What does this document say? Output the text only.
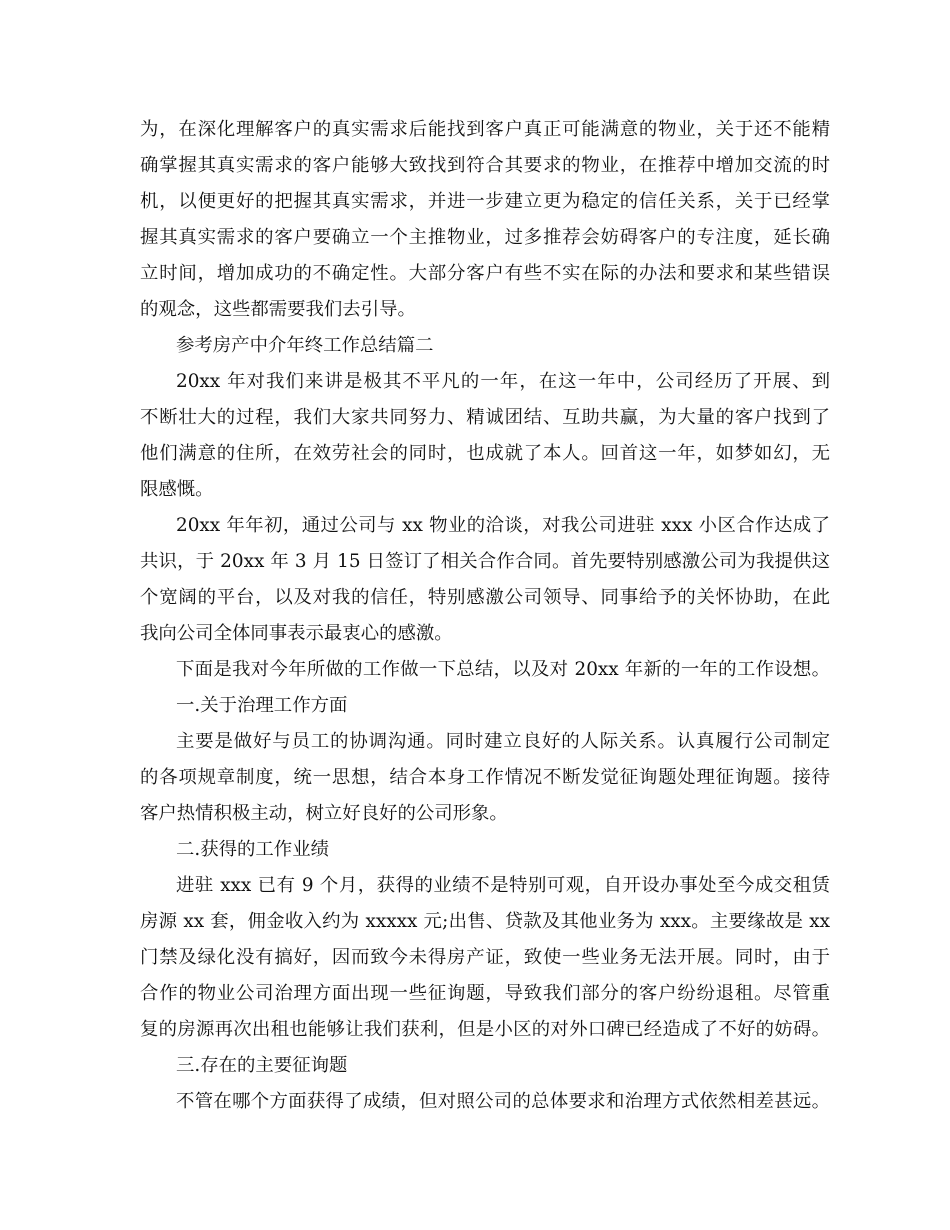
为，在深化理解客户的真实需求后能找到客户真正可能满意的物业，关于还不能精
确掌握其真实需求的客户能够大致找到符合其要求的物业，在推荐中增加交流的时
机，以便更好的把握其真实需求，并进一步建立更为稳定的信任关系，关于已经掌
握其真实需求的客户要确立一个主推物业，过多推荐会妨碍客户的专注度，延长确
立时间，增加成功的不确定性。大部分客户有些不实在际的办法和要求和某些错误
的观念，这些都需要我们去引导。
参考房产中介年终工作总结篇二
20xx 年对我们来讲是极其不平凡的一年，在这一年中，公司经历了开展、到
不断壮大的过程，我们大家共同努力、精诚团结、互助共赢，为大量的客户找到了
他们满意的住所，在效劳社会的同时，也成就了本人。回首这一年，如梦如幻，无
限感慨。
20xx 年年初，通过公司与 xx 物业的洽谈，对我公司进驻 xxx 小区合作达成了
共识，于 20xx 年 3 月 15 日签订了相关合作合同。首先要特别感激公司为我提供这
个宽阔的平台，以及对我的信任，特别感激公司领导、同事给予的关怀协助，在此
我向公司全体同事表示最衷心的感激。
下面是我对今年所做的工作做一下总结，以及对 20xx 年新的一年的工作设想。
一.关于治理工作方面
主要是做好与员工的协调沟通。同时建立良好的人际关系。认真履行公司制定
的各项规章制度，统一思想，结合本身工作情况不断发觉征询题处理征询题。接待
客户热情积极主动，树立好良好的公司形象。
二.获得的工作业绩
进驻 xxx 已有 9 个月，获得的业绩不是特别可观，自开设办事处至今成交租赁
房源 xx 套，佣金收入约为 xxxxx 元;出售、贷款及其他业务为 xxx。主要缘故是 xx
门禁及绿化没有搞好，因而致今未得房产证，致使一些业务无法开展。同时，由于
合作的物业公司治理方面出现一些征询题，导致我们部分的客户纷纷退租。尽管重
复的房源再次出租也能够让我们获利，但是小区的对外口碑已经造成了不好的妨碍。
三.存在的主要征询题
不管在哪个方面获得了成绩，但对照公司的总体要求和治理方式依然相差甚远。
